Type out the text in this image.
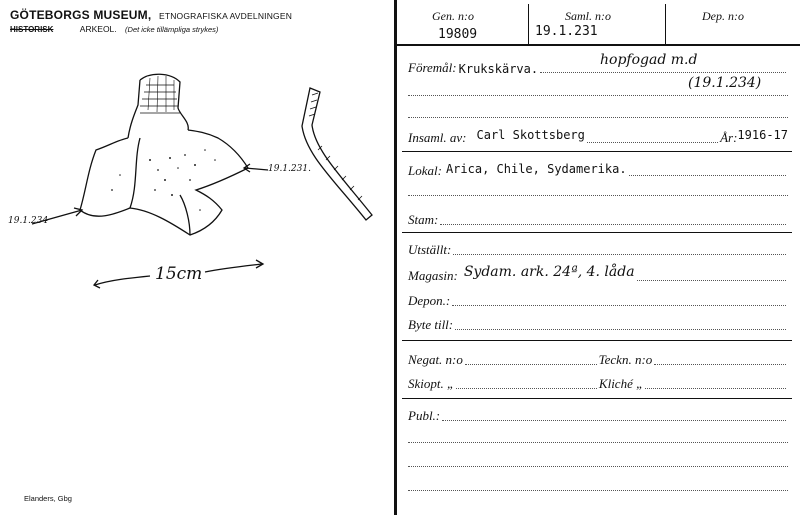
GÖTEBORGS MUSEUM, ETNOGRAFISKA AVDELNINGEN
HISTORISK	ARKEOL. (Det icke tillämpliga strykes)
19.1.231.
19.1.234
15cm
Elanders, Gbg
Gen. n:o
19809
Saml. n:o
19.1.231
Dep. n:o
Föremål: Krukskärva.
hopfogad m.d
(19.1.234)
Insaml. av: Carl Skottsberg	År: 1916-17
Lokal: Arica, Chile, Sydamerika.
Stam:
Utställt:
Magasin: Sydam. ark. 24ª, 4. låda
Depon.:
Byte till:
Negat. n:o	Teckn. n:o
Skiopt. „	Kliché „
Publ.:
